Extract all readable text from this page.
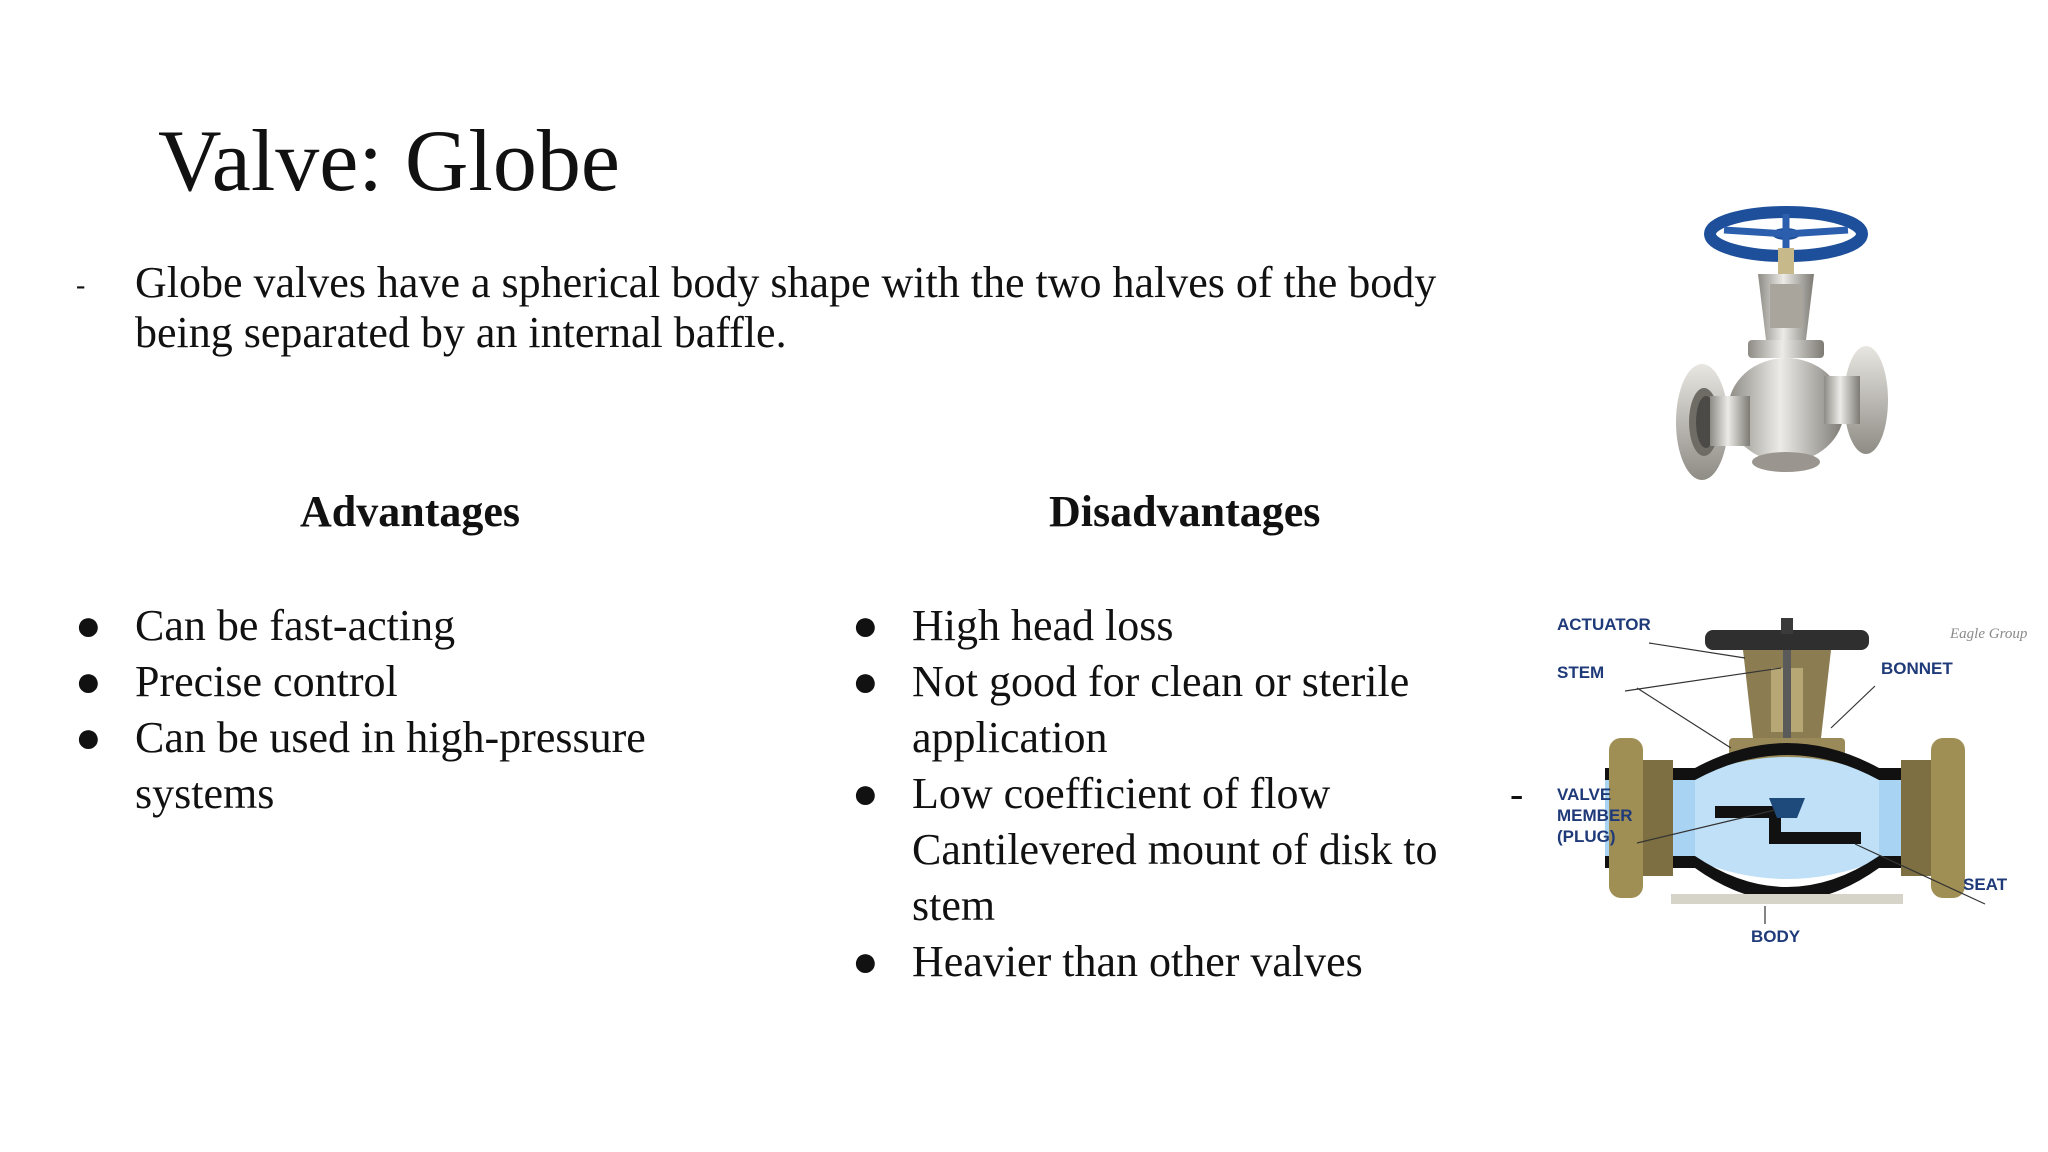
Valve: Globe
- Globe valves have a spherical body shape with the two halves of the body being separated by an internal baffle.
Advantages	Disadvantages
● Can be fast-acting
● Precise control
● Can be used in high-pressure systems
● High head loss
● Not good for clean or sterile application
● Low coefficient of flow
Cantilevered mount of disk to stem
● Heavier than other valves
-
ACTUATOR
STEM	BONNET
VALVE
MEMBER
(PLUG)
SEAT
BODY
Eagle Group
